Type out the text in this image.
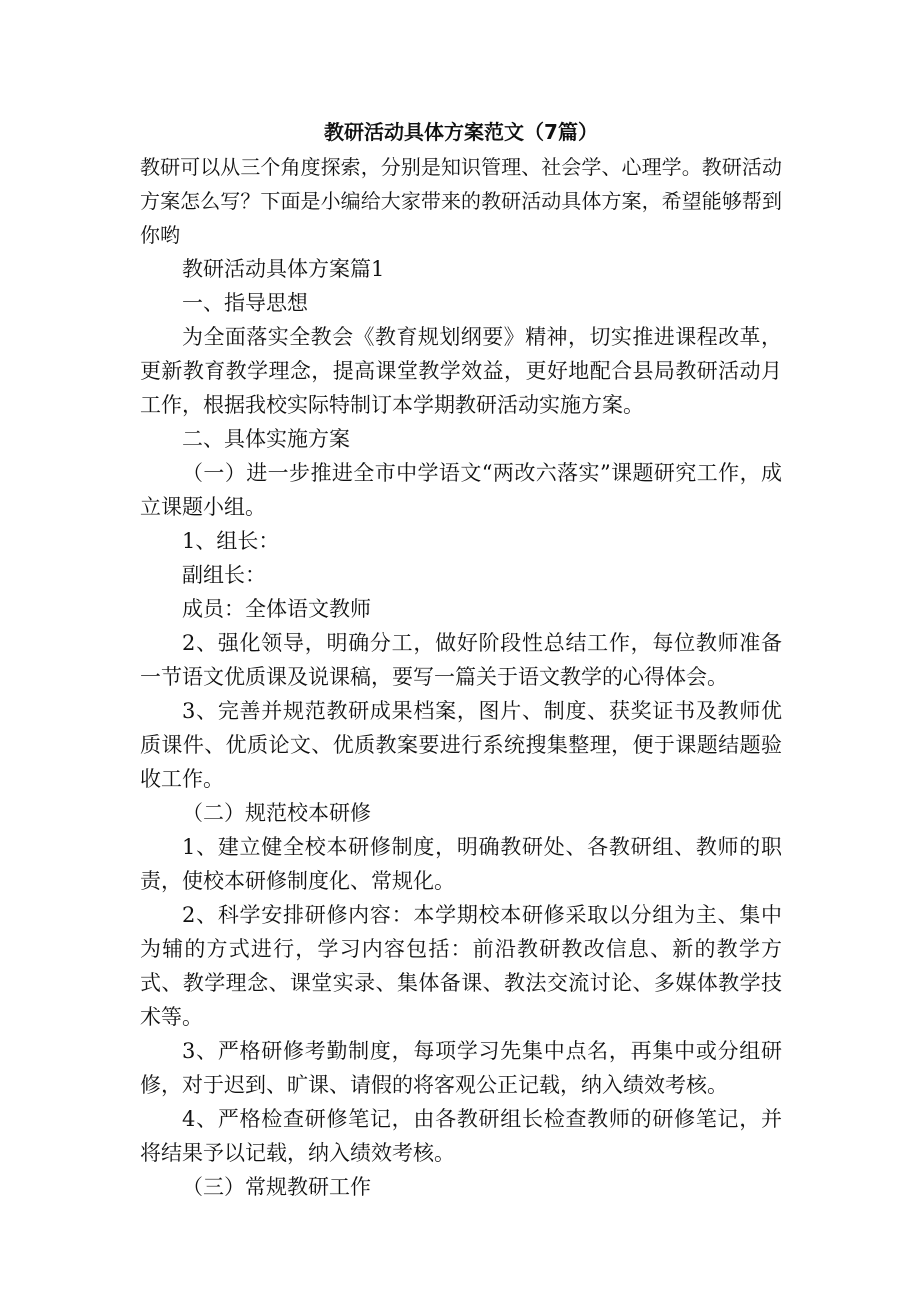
教研活动具体方案范文（7篇）

教研可以从三个角度探索，分别是知识管理、社会学、心理学。教研活动方案怎么写？下面是小编给大家带来的教研活动具体方案，希望能够帮到你哟

教研活动具体方案篇1

一、指导思想

为全面落实全教会《教育规划纲要》精神，切实推进课程改革，更新教育教学理念，提高课堂教学效益，更好地配合县局教研活动月工作，根据我校实际特制订本学期教研活动实施方案。

二、具体实施方案

（一）进一步推进全市中学语文“两改六落实”课题研究工作，成立课题小组。

1、组长：

副组长：

成员：全体语文教师

2、强化领导，明确分工，做好阶段性总结工作，每位教师准备一节语文优质课及说课稿，要写一篇关于语文教学的心得体会。

3、完善并规范教研成果档案，图片、制度、获奖证书及教师优质课件、优质论文、优质教案要进行系统搜集整理，便于课题结题验收工作。

（二）规范校本研修

1、建立健全校本研修制度，明确教研处、各教研组、教师的职责，使校本研修制度化、常规化。

2、科学安排研修内容：本学期校本研修采取以分组为主、集中为辅的方式进行，学习内容包括：前沿教研教改信息、新的教学方式、教学理念、课堂实录、集体备课、教法交流讨论、多媒体教学技术等。

3、严格研修考勤制度，每项学习先集中点名，再集中或分组研修，对于迟到、旷课、请假的将客观公正记载，纳入绩效考核。

4、严格检查研修笔记，由各教研组长检查教师的研修笔记，并将结果予以记载，纳入绩效考核。

（三）常规教研工作
